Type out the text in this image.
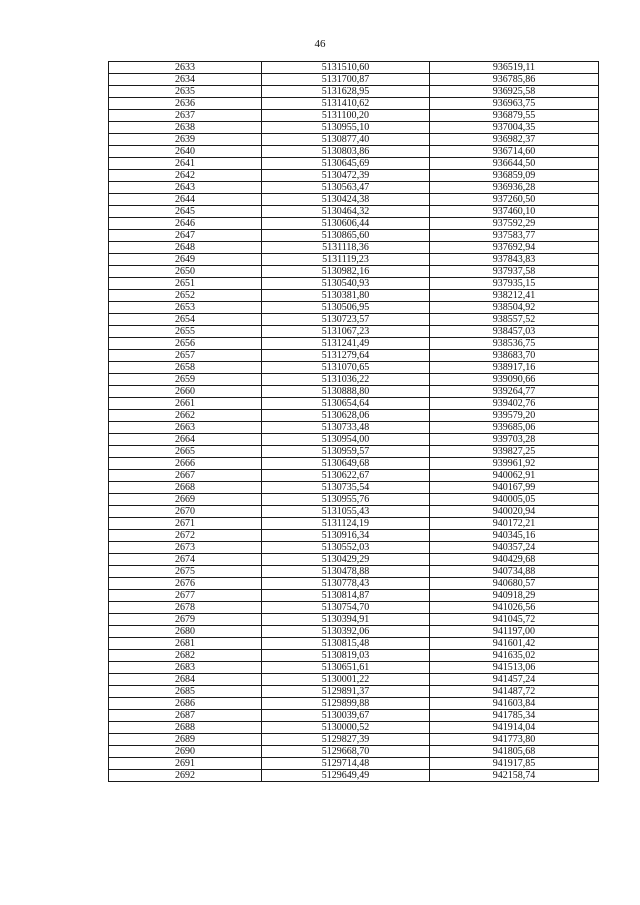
46
2633	5131510,60	936519,11
2634	5131700,87	936785,86
2635	5131628,95	936925,58
2636	5131410,62	936963,75
2637	5131100,20	936879,55
2638	5130955,10	937004,35
2639	5130877,40	936982,37
2640	5130803,86	936714,60
2641	5130645,69	936644,50
2642	5130472,39	936859,09
2643	5130563,47	936936,28
2644	5130424,38	937260,50
2645	5130464,32	937460,10
2646	5130606,44	937592,29
2647	5130865,60	937583,77
2648	5131118,36	937692,94
2649	5131119,23	937843,83
2650	5130982,16	937937,58
2651	5130540,93	937935,15
2652	5130381,80	938212,41
2653	5130506,95	938504,92
2654	5130723,57	938557,52
2655	5131067,23	938457,03
2656	5131241,49	938536,75
2657	5131279,64	938683,70
2658	5131070,65	938917,16
2659	5131036,22	939090,66
2660	5130888,80	939264,77
2661	5130654,64	939402,76
2662	5130628,06	939579,20
2663	5130733,48	939685,06
2664	5130954,00	939703,28
2665	5130959,57	939827,25
2666	5130649,68	939961,92
2667	5130622,67	940062,91
2668	5130735,54	940167,99
2669	5130955,76	940005,05
2670	5131055,43	940020,94
2671	5131124,19	940172,21
2672	5130916,34	940345,16
2673	5130552,03	940357,24
2674	5130429,29	940429,68
2675	5130478,88	940734,88
2676	5130778,43	940680,57
2677	5130814,87	940918,29
2678	5130754,70	941026,56
2679	5130394,91	941045,72
2680	5130392,06	941197,00
2681	5130815,48	941601,42
2682	5130819,03	941635,02
2683	5130651,61	941513,06
2684	5130001,22	941457,24
2685	5129891,37	941487,72
2686	5129899,88	941603,84
2687	5130039,67	941785,34
2688	5130000,52	941914,04
2689	5129827,39	941773,80
2690	5129668,70	941805,68
2691	5129714,48	941917,85
2692	5129649,49	942158,74
